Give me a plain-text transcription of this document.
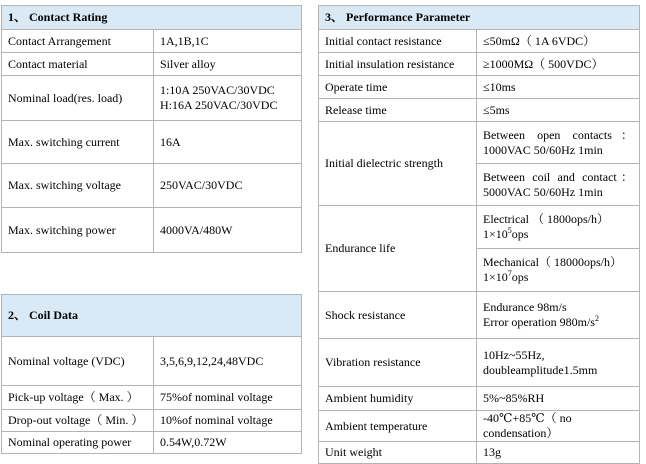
1、 Contact Rating	
Contact Arrangement	1A,1B,1C
Contact material	Silver alloy
Nominal load(res. load)	1:10A 250VAC/30VDC
H:16A 250VAC/30VDC

Max. switching current	16A
Max. switching voltage	250VAC/30VDC
Max. switching power	4000VA/480W
2、 Coil Data	
Nominal voltage (VDC)	3,5,6,9,12,24,48VDC
Pick-up voltage（ Max. ）	75%of nominal voltage
Drop-out voltage（ Min. ）	10%of nominal voltage
Nominal operating power	0.54W,0.72W
3、 Performance Parameter	
Initial contact resistance	≤50mΩ（ 1A 6VDC）
Initial insulation resistance	≥1000MΩ（ 500VDC）
Operate time	≤10ms
Release time	≤5ms
Initial dielectric strength	Between open contacts：
1000VAC 50/60Hz 1min

	Between coil and contact：
5000VAC 50/60Hz 1min

Endurance life	Electrical （ 1800ops/h）
$1\times 10^5ops$

	Mechanical（ 18000ops/h）
$1\times 10^7ops$

Shock resistance	Endurance 98m/s
Error operation $980m/s^2$

Vibration resistance	10Hz~55Hz,
doubleamplitude1.5mm

Ambient humidity	5%~85%RH
Ambient temperature	-40℃+85℃（ no condensation）
Unit weight	13g
